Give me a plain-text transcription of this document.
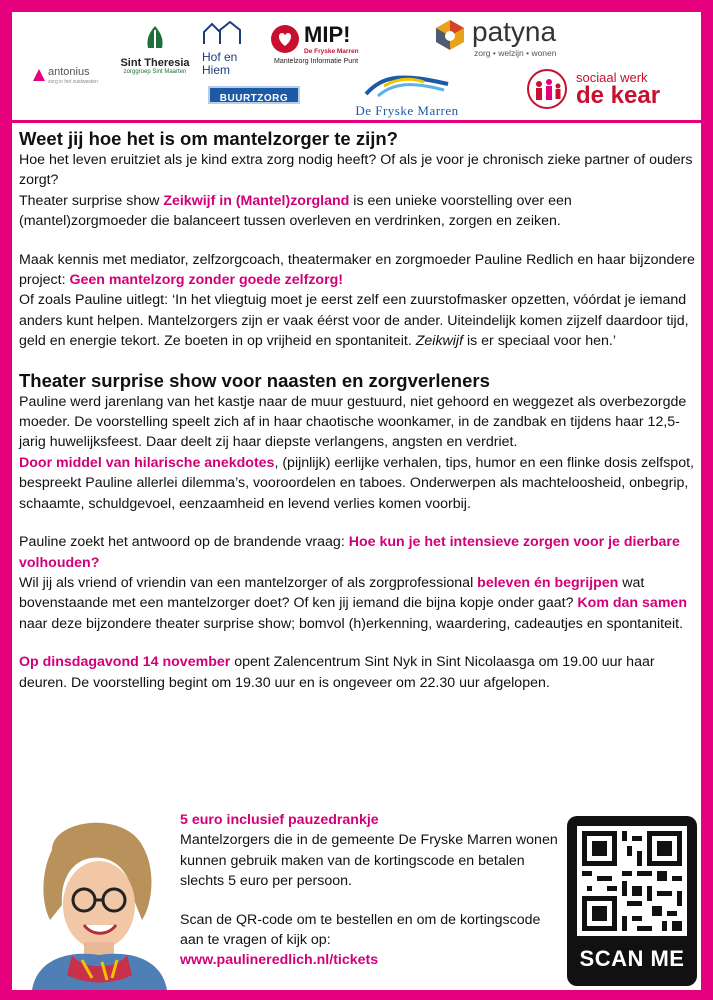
Sint Theresia
zorggroep Sint Maarten
Hof en Hiem
MIP!
De Fryske Marren
Mantelzorg Informatie Punt
patyna
zorg • welzijn • wonen
antonius
zorg in het zuidwesten
BUURTZORG
De Fryske Marren
sociaal werk
de kear
Weet jij hoe het is om mantelzorger te zijn?

Hoe het leven eruitziet als je kind extra zorg nodig heeft? Of als je voor je chronisch zieke partner of ouders zorgt?

Theater surprise show Zeikwijf in (Mantel)zorgland is een unieke voorstelling over een (mantel)zorgmoeder die balanceert tussen overleven en verdrinken, zorgen en zeiken.

Maak kennis met mediator, zelfzorgcoach, theatermaker en zorgmoeder Pauline Redlich en haar bijzondere project: Geen mantelzorg zonder goede zelfzorg!

Of zoals Pauline uitlegt: ‘In het vliegtuig moet je eerst zelf een zuurstofmasker opzetten, vóórdat je iemand anders kunt helpen. Mantelzorgers zijn er vaak éérst voor de ander. Uiteindelijk komen zijzelf daardoor tijd, geld en energie tekort. Ze boeten in op vrijheid en spontaniteit. Zeikwijf is er speciaal voor hen.’

Theater surprise show voor naasten en zorgverleners

Pauline werd jarenlang van het kastje naar de muur gestuurd, niet gehoord en weggezet als overbezorgde moeder. De voorstelling speelt zich af in haar chaotische woonkamer, in de zandbak en tijdens haar 12,5-jarig huwelijksfeest. Daar deelt zij haar diepste verlangens, angsten en verdriet.

Door middel van hilarische anekdotes, (pijnlijk) eerlijke verhalen, tips, humor en een flinke dosis zelfspot, bespreekt Pauline allerlei dilemma’s, vooroordelen en taboes. Onderwerpen als machteloosheid, onbegrip, schaamte, schuldgevoel, eenzaamheid en levend verlies komen voorbij.

Pauline zoekt het antwoord op de brandende vraag: Hoe kun je het intensieve zorgen voor je dierbare volhouden?

Wil jij als vriend of vriendin van een mantelzorger of als zorgprofessional beleven én begrijpen wat bovenstaande met een mantelzorger doet? Of ken jij iemand die bijna kopje onder gaat? Kom dan samen naar deze bijzondere theater surprise show; bomvol (h)erkenning, waardering, cadeautjes en spontaniteit.

Op dinsdagavond 14 november opent Zalencentrum Sint Nyk in Sint Nicolaasga om 19.00 uur haar deuren. De voorstelling begint om 19.30 uur en is ongeveer om 22.30 uur afgelopen.

5 euro inclusief pauzedrankje
Mantelzorgers die in de gemeente De Fryske Marren wonen kunnen gebruik maken van de kortingscode en betalen slechts 5 euro per persoon.
Scan de QR-code om te bestellen en om de kortingscode aan te vragen of kijk op:
www.paulineredlich.nl/tickets	SCAN ME
